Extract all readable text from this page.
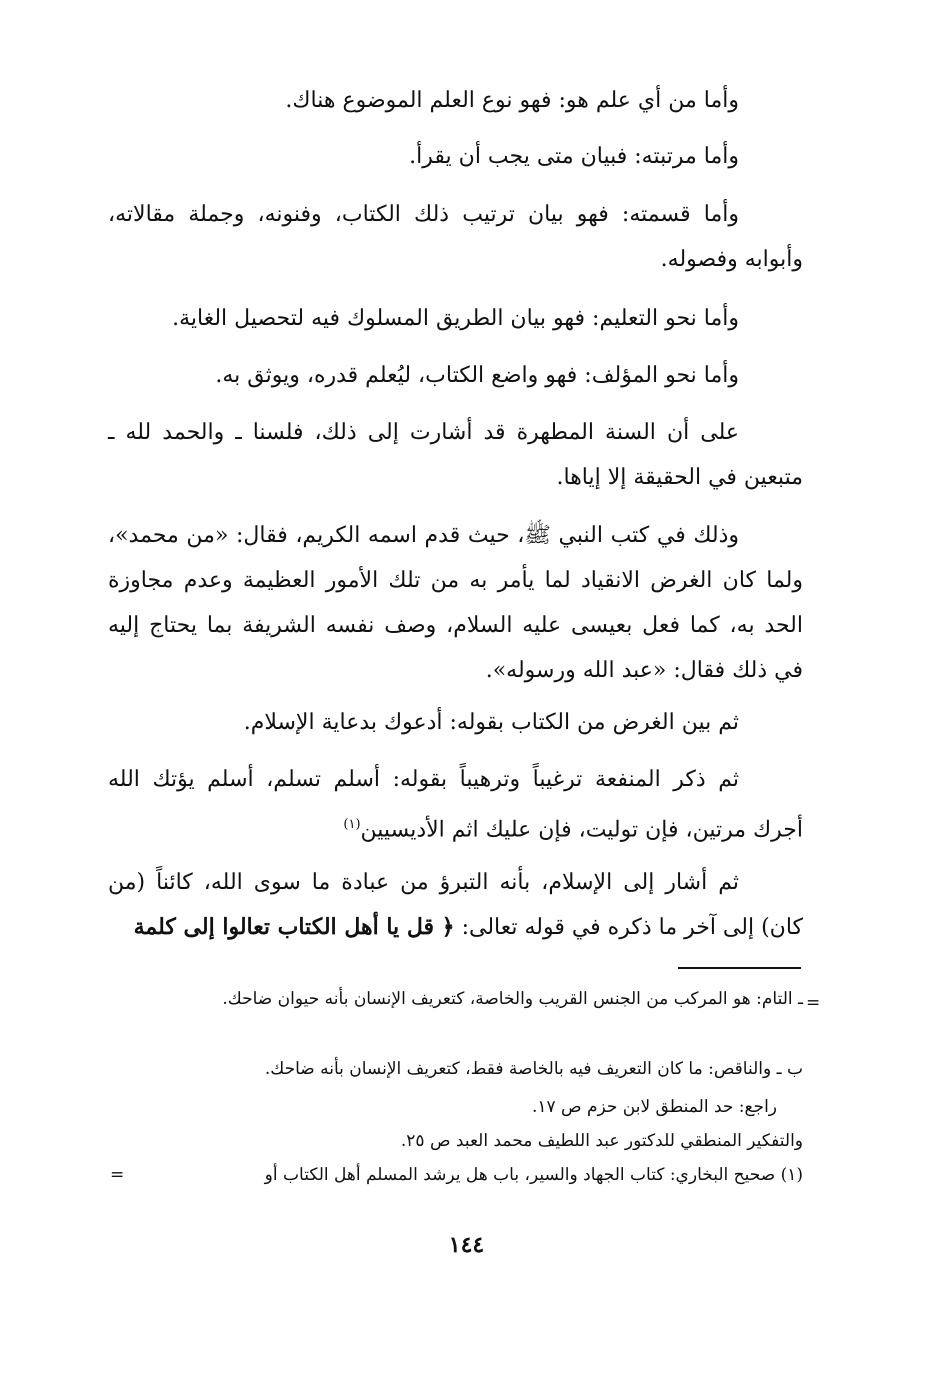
وأما من أي علم هو: فهو نوع العلم الموضوع هناك.

وأما مرتبته: فبيان متى يجب أن يقرأ.

وأما قسمته: فهو بيان ترتيب ذلك الكتاب، وفنونه، وجملة مقالاته، وأبوابه وفصوله.

وأما نحو التعليم: فهو بيان الطريق المسلوك فيه لتحصيل الغاية.

وأما نحو المؤلف: فهو واضع الكتاب، ليُعلم قدره، ويوثق به.

على أن السنة المطهرة قد أشارت إلى ذلك، فلسنا ـ والحمد لله ـ متبعين في الحقيقة إلا إياها.

وذلك في كتب النبي ﷺ، حيث قدم اسمه الكريم، فقال: «من محمد»، ولما كان الغرض الانقياد لما يأمر به من تلك الأمور العظيمة وعدم مجاوزة الحد به، كما فعل بعيسى عليه السلام، وصف نفسه الشريفة بما يحتاج إليه في ذلك فقال: «عبد الله ورسوله».

ثم بين الغرض من الكتاب بقوله: أدعوك بدعاية الإسلام.

ثم ذكر المنفعة ترغيباً وترهيباً بقوله: أسلم تسلم، أسلم يؤتك الله أجرك مرتين، فإن توليت، فإن عليك اثم الأديسيين$^{(١)}$

ثم أشار إلى الإسلام، بأنه التبرؤ من عبادة ما سوى الله، كائناً (من كان) إلى آخر ما ذكره في قوله تعالى: ﴿ قل يا أهل الكتاب تعالوا إلى كلمة

=

ـ التام: هو المركب من الجنس القريب والخاصة، كتعريف الإنسان بأنه حيوان ضاحك.

ب ـ والناقص: ما كان التعريف فيه بالخاصة فقط، كتعريف الإنسان بأنه ضاحك.

راجع: حد المنطق لابن حزم ص ١٧.

والتفكير المنطقي للدكتور عبد اللطيف محمد العبد ص ٢٥.

(١) صحيح البخاري: كتاب الجهاد والسير، باب هل يرشد المسلم أهل الكتاب أو

=
١٤٤
